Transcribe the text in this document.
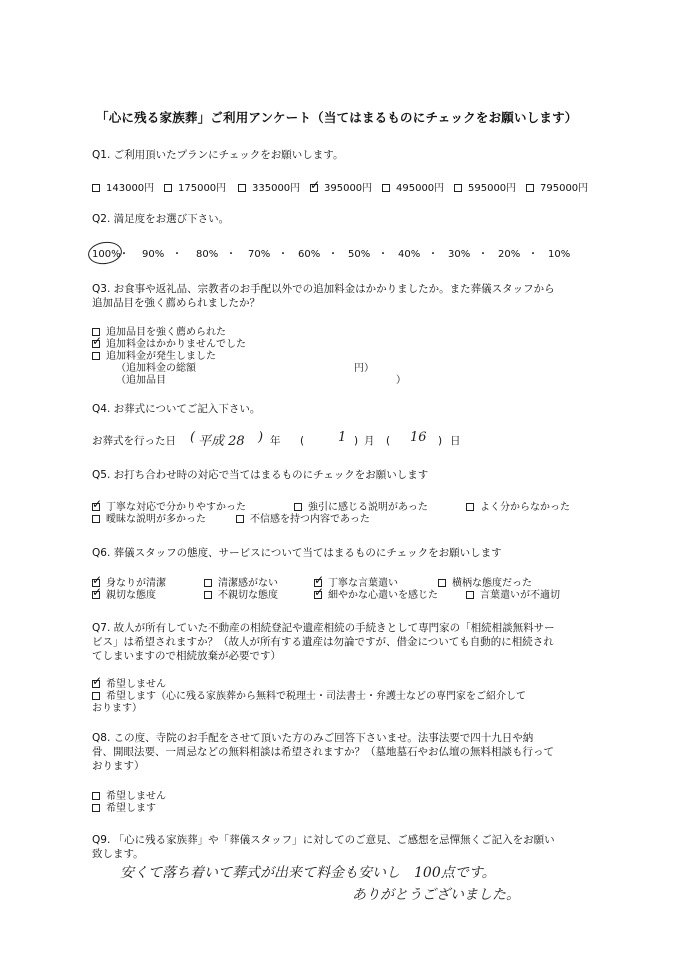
「心に残る家族葬」ご利用アンケート（当てはまるものにチェックをお願いします）
Q1. ご利用頂いたプランにチェックをお願いします。
143000円	175000円	335000円 ✓	395000円	495000円	595000円	795000円
Q2. 満足度をお選び下さい。
100%
・ 90% ・ 80% ・ 70% ・ 60% ・ 50% ・ 40% ・ 30% ・ 20% ・ 10%
Q3. お食事や返礼品、宗教者のお手配以外での追加料金はかかりましたか。また葬儀スタッフから
追加品目を強く薦められましたか？
追加品目を強く薦められた
✓追加料金はかかりませんでした
追加料金が発生しました
（追加料金の総額	円）
（追加品目	）
Q4. お葬式についてご記入下さい。
お葬式を行った日 ( 平成 28 ) 年 (	1 ) 月 ( 16 ) 日
Q5. お打ち合わせ時の対応で当てはまるものにチェックをお願いします
✓丁寧な対応で分かりやすかった	強引に感じる説明があった	よく分からなかった
曖昧な説明が多かった	不信感を持つ内容であった
Q6. 葬儀スタッフの態度、サービスについて当てはまるものにチェックをお願いします
✓身なりが清潔	清潔感がない ✓	丁寧な言葉遣い	横柄な態度だった
✓親切な態度	不親切な態度 ✓	細やかな心遣いを感じた	言葉遣いが不適切
Q7. 故人が所有していた不動産の相続登記や遺産相続の手続きとして専門家の「相続相談無料サー
ビス」は希望されますか？（故人が所有する遺産は勿論ですが、借金についても自動的に相続され
てしまいますので相続放棄が必要です）
✓希望しません
希望します（心に残る家族葬から無料で税理士・司法書士・弁護士などの専門家をご紹介して
おります）
Q8. この度、寺院のお手配をさせて頂いた方のみご回答下さいませ。法事法要で四十九日や納
骨、開眼法要、一周忌などの無料相談は希望されますか？（墓地墓石やお仏壇の無料相談も行って
おります）
希望しません
希望します
Q9. 「心に残る家族葬」や「葬儀スタッフ」に対してのご意見、ご感想を忌憚無くご記入をお願い
致します。
安くて落ち着いて葬式が出来て料金も安いし　100点です。
ありがとうございました。
